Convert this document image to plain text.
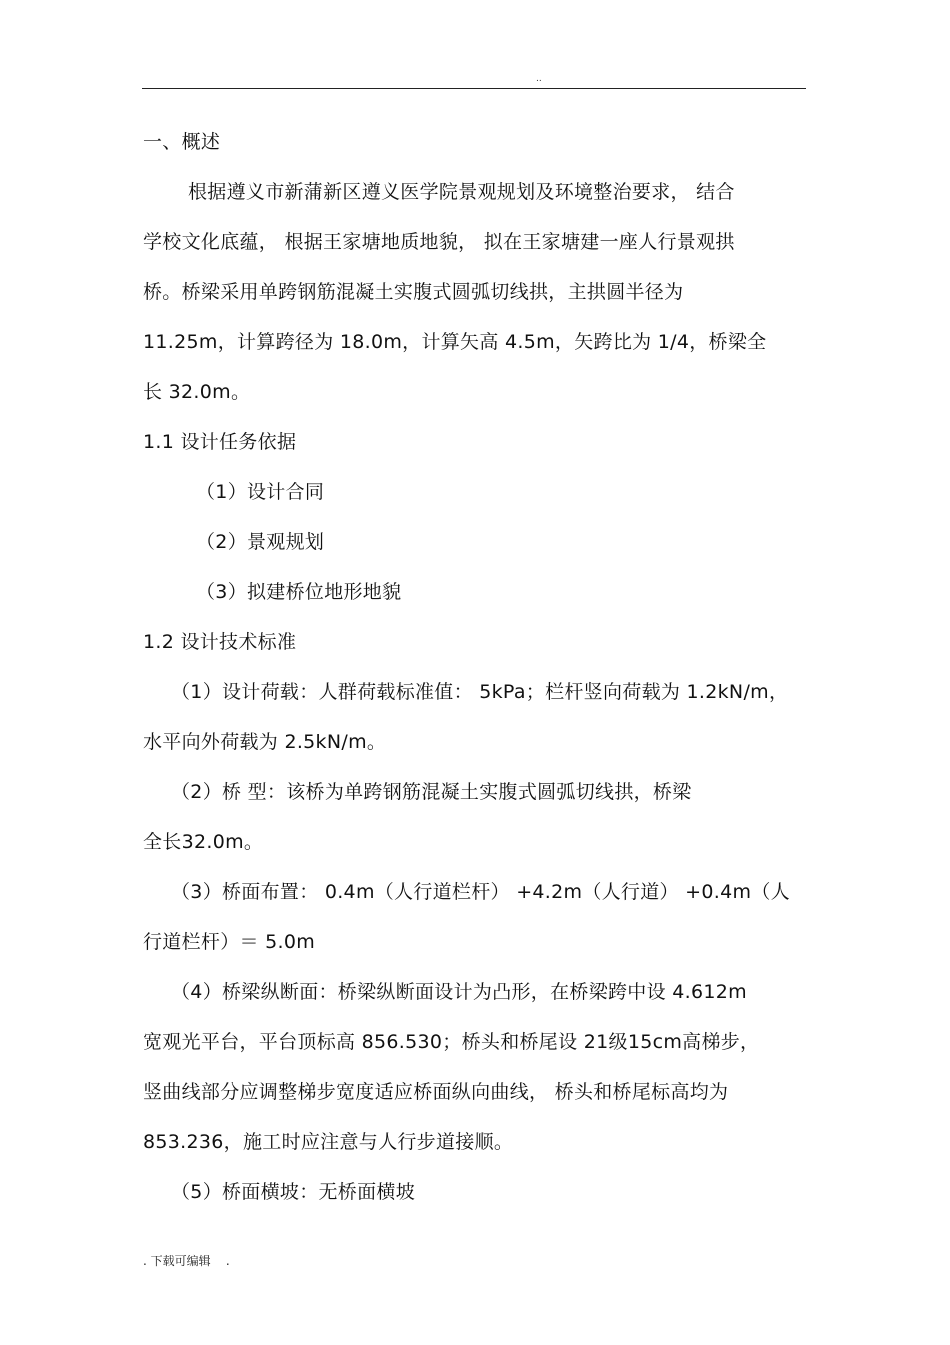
..
一、概述
根据遵义市新蒲新区遵义医学院景观规划及环境整治要求， 结合
学校文化底蕴， 根据王家塘地质地貌， 拟在王家塘建一座人行景观拱
桥。桥梁采用单跨钢筋混凝土实腹式圆弧切线拱，主拱圆半径为
11.25m，计算跨径为 18.0m，计算矢高 4.5m，矢跨比为 1/4，桥梁全
长 32.0m。
1.1 设计任务依据
（1）设计合同
（2）景观规划
（3）拟建桥位地形地貌
1.2 设计技术标准
（1）设计荷载：人群荷载标准值： 5kPa；栏杆竖向荷载为 1.2kN/m，
水平向外荷载为 2.5kN/m。
（2）桥 型：该桥为单跨钢筋混凝土实腹式圆弧切线拱，桥梁
全长32.0m。
（3）桥面布置： 0.4m（人行道栏杆） +4.2m（人行道） +0.4m（人
行道栏杆）＝ 5.0m
（4）桥梁纵断面：桥梁纵断面设计为凸形，在桥梁跨中设 4.612m
宽观光平台，平台顶标高 856.530；桥头和桥尾设 21级15cm高梯步，
竖曲线部分应调整梯步宽度适应桥面纵向曲线， 桥头和桥尾标高均为
853.236，施工时应注意与人行步道接顺。
（5）桥面横坡：无桥面横坡
. 下载可编辑    .
